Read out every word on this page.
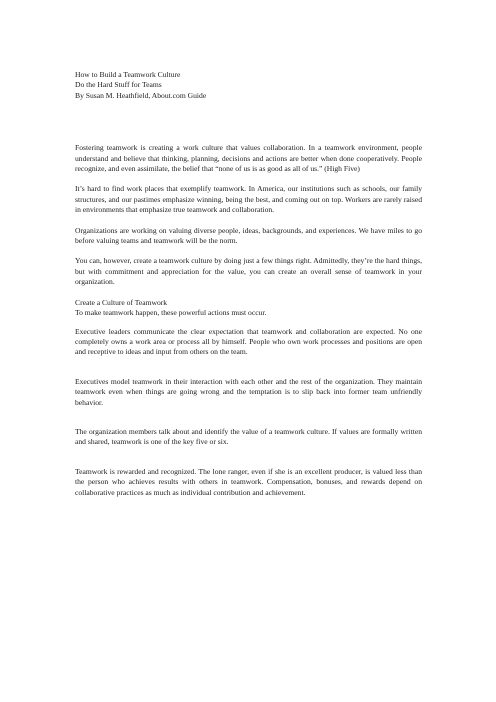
How to Build a Teamwork Culture
Do the Hard Stuff for Teams
By Susan M. Heathfield, About.com Guide

Fostering teamwork is creating a work culture that values collaboration. In a teamwork environment, people understand and believe that thinking, planning, decisions and actions are better when done cooperatively. People recognize, and even assimilate, the belief that “none of us is as good as all of us.” (High Five)

It’s hard to find work places that exemplify teamwork. In America, our institutions such as schools, our family structures, and our pastimes emphasize winning, being the best, and coming out on top. Workers are rarely raised in environments that emphasize true teamwork and collaboration.

Organizations are working on valuing diverse people, ideas, backgrounds, and experiences. We have miles to go before valuing teams and teamwork will be the norm.

You can, however, create a teamwork culture by doing just a few things right. Admittedly, they’re the hard things, but with commitment and appreciation for the value, you can create an overall sense of teamwork in your organization.

Create a Culture of Teamwork
To make teamwork happen, these powerful actions must occur.

Executive leaders communicate the clear expectation that teamwork and collaboration are expected. No one completely owns a work area or process all by himself. People who own work processes and positions are open and receptive to ideas and input from others on the team.

Executives model teamwork in their interaction with each other and the rest of the organization. They maintain teamwork even when things are going wrong and the temptation is to slip back into former team unfriendly behavior.

The organization members talk about and identify the value of a teamwork culture. If values are formally written and shared, teamwork is one of the key five or six.

Teamwork is rewarded and recognized. The lone ranger, even if she is an excellent producer, is valued less than the person who achieves results with others in teamwork. Compensation, bonuses, and rewards depend on collaborative practices as much as individual contribution and achievement.
